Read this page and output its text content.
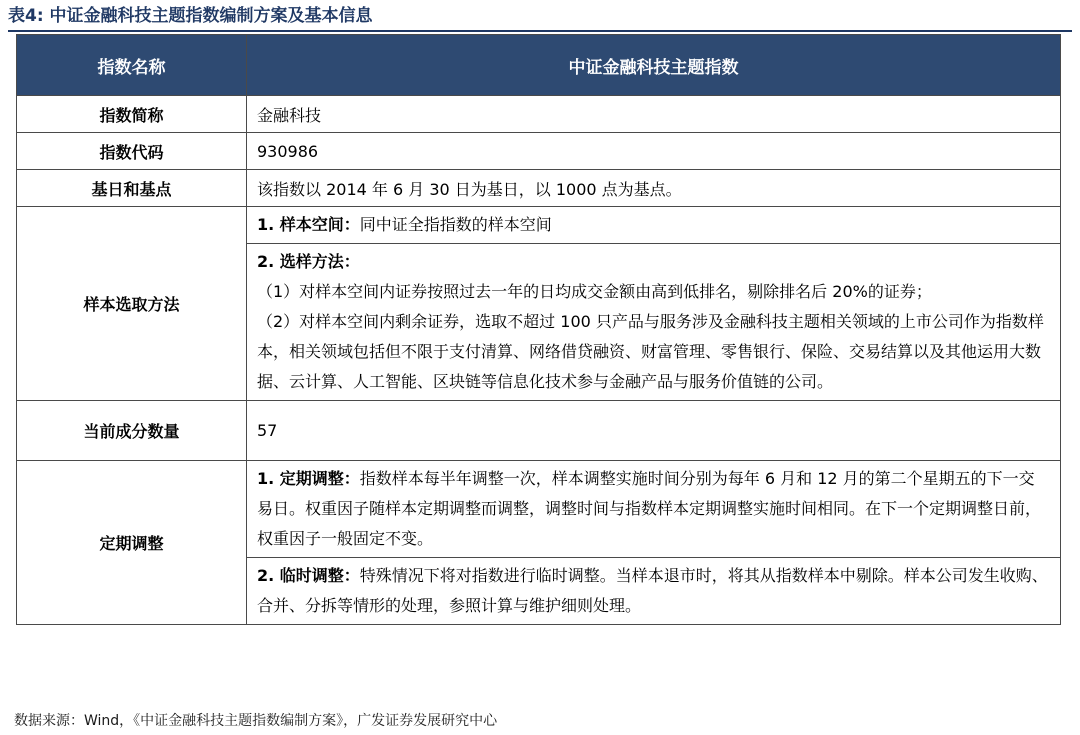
表4: 中证金融科技主题指数编制方案及基本信息
指数名称	中证金融科技主题指数
指数简称	金融科技
指数代码	930986
基日和基点	该指数以 2014 年 6 月 30 日为基日，以 1000 点为基点。
样本选取方法	1. 样本空间：同中证全指指数的样本空间

	2. 选样方法：
（1）对样本空间内证券按照过去一年的日均成交金额由高到低排名，剔除排名后 20%的证券；
（2）对样本空间内剩余证券，选取不超过 100 只产品与服务涉及金融科技主题相关领域的上市公司作为指数样本，相关领域包括但不限于支付清算、网络借贷融资、财富管理、零售银行、保险、交易结算以及其他运用大数据、云计算、人工智能、区块链等信息化技术参与金融产品与服务价值链的公司。

当前成分数量	57
定期调整	1. 定期调整：指数样本每半年调整一次，样本调整实施时间分别为每年 6 月和 12 月的第二个星期五的下一交易日。权重因子随样本定期调整而调整，调整时间与指数样本定期调整实施时间相同。在下一个定期调整日前，权重因子一般固定不变。
	2. 临时调整：特殊情况下将对指数进行临时调整。当样本退市时，将其从指数样本中剔除。样本公司发生收购、合并、分拆等情形的处理，参照计算与维护细则处理。
数据来源：Wind，《中证金融科技主题指数编制方案》，广发证券发展研究中心
